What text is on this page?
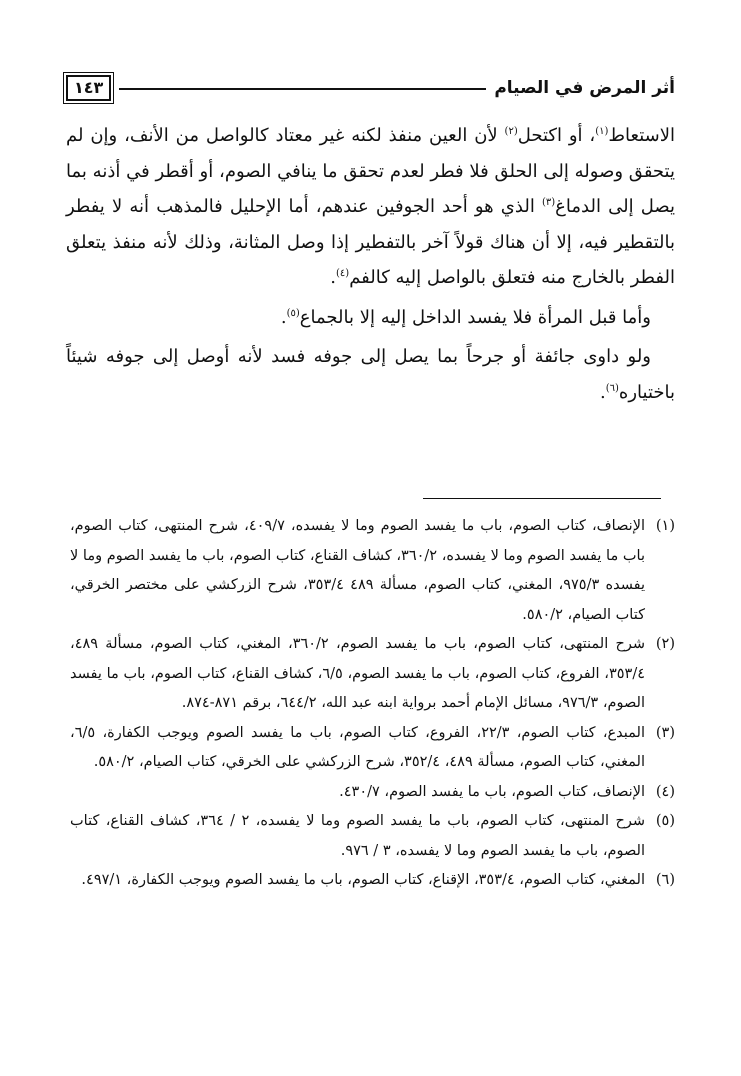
أثر المرض في الصيام
١٤٣

الاستعاط$^{(١)}$، أو اكتحل$^{(٢)}$ لأن العين منفذ لكنه غير معتاد كالواصل من الأنف، وإن لم يتحقق وصوله إلى الحلق فلا فطر لعدم تحقق ما ينافي الصوم، أو أقطر في أذنه بما يصل إلى الدماغ$^{(٣)}$ الذي هو أحد الجوفين عندهم، أما الإحليل فالمذهب أنه لا يفطر بالتقطير فيه، إلا أن هناك قولاً آخر بالتفطير إذا وصل المثانة، وذلك لأنه منفذ يتعلق الفطر بالخارج منه فتعلق بالواصل إليه كالفم$^{(٤)}$.

وأما قبل المرأة فلا يفسد الداخل إليه إلا بالجماع$^{(٥)}$.

ولو داوى جائفة أو جرحاً بما يصل إلى جوفه فسد لأنه أوصل إلى جوفه شيئاً باختياره$^{(٦)}$.

(١)
الإنصاف، كتاب الصوم، باب ما يفسد الصوم وما لا يفسده، ٤٠٩/٧، شرح المنتهى، كتاب الصوم، باب ما يفسد الصوم وما لا يفسده، ٣٦٠/٢، كشاف القناع، كتاب الصوم، باب ما يفسد الصوم وما لا يفسده ٩٧٥/٣، المغني، كتاب الصوم، مسألة ٤٨٩ ٣٥٣/٤، شرح الزركشي على مختصر الخرقي، كتاب الصيام، ٥٨٠/٢.
(٢)
شرح المنتهى، كتاب الصوم، باب ما يفسد الصوم، ٣٦٠/٢، المغني، كتاب الصوم، مسألة ٤٨٩، ٣٥٣/٤، الفروع، كتاب الصوم، باب ما يفسد الصوم، ٦/٥، كشاف القناع، كتاب الصوم، باب ما يفسد الصوم، ٩٧٦/٣، مسائل الإمام أحمد برواية ابنه عبد الله، ٦٤٤/٢، برقم ٨٧١-٨٧٤.
(٣)
المبدع، كتاب الصوم، ٢٢/٣، الفروع، كتاب الصوم، باب ما يفسد الصوم ويوجب الكفارة، ٦/٥، المغني، كتاب الصوم، مسألة ٤٨٩، ٣٥٢/٤، شرح الزركشي على الخرقي، كتاب الصيام، ٥٨٠/٢.
(٤)
الإنصاف، كتاب الصوم، باب ما يفسد الصوم، ٤٣٠/٧.
(٥)
شرح المنتهى، كتاب الصوم، باب ما يفسد الصوم وما لا يفسده، ٢ / ٣٦٤، كشاف القناع، كتاب الصوم، باب ما يفسد الصوم وما لا يفسده، ٣ / ٩٧٦.
(٦)
المغني، كتاب الصوم، ٣٥٣/٤، الإقناع، كتاب الصوم، باب ما يفسد الصوم ويوجب الكفارة، ٤٩٧/١.
